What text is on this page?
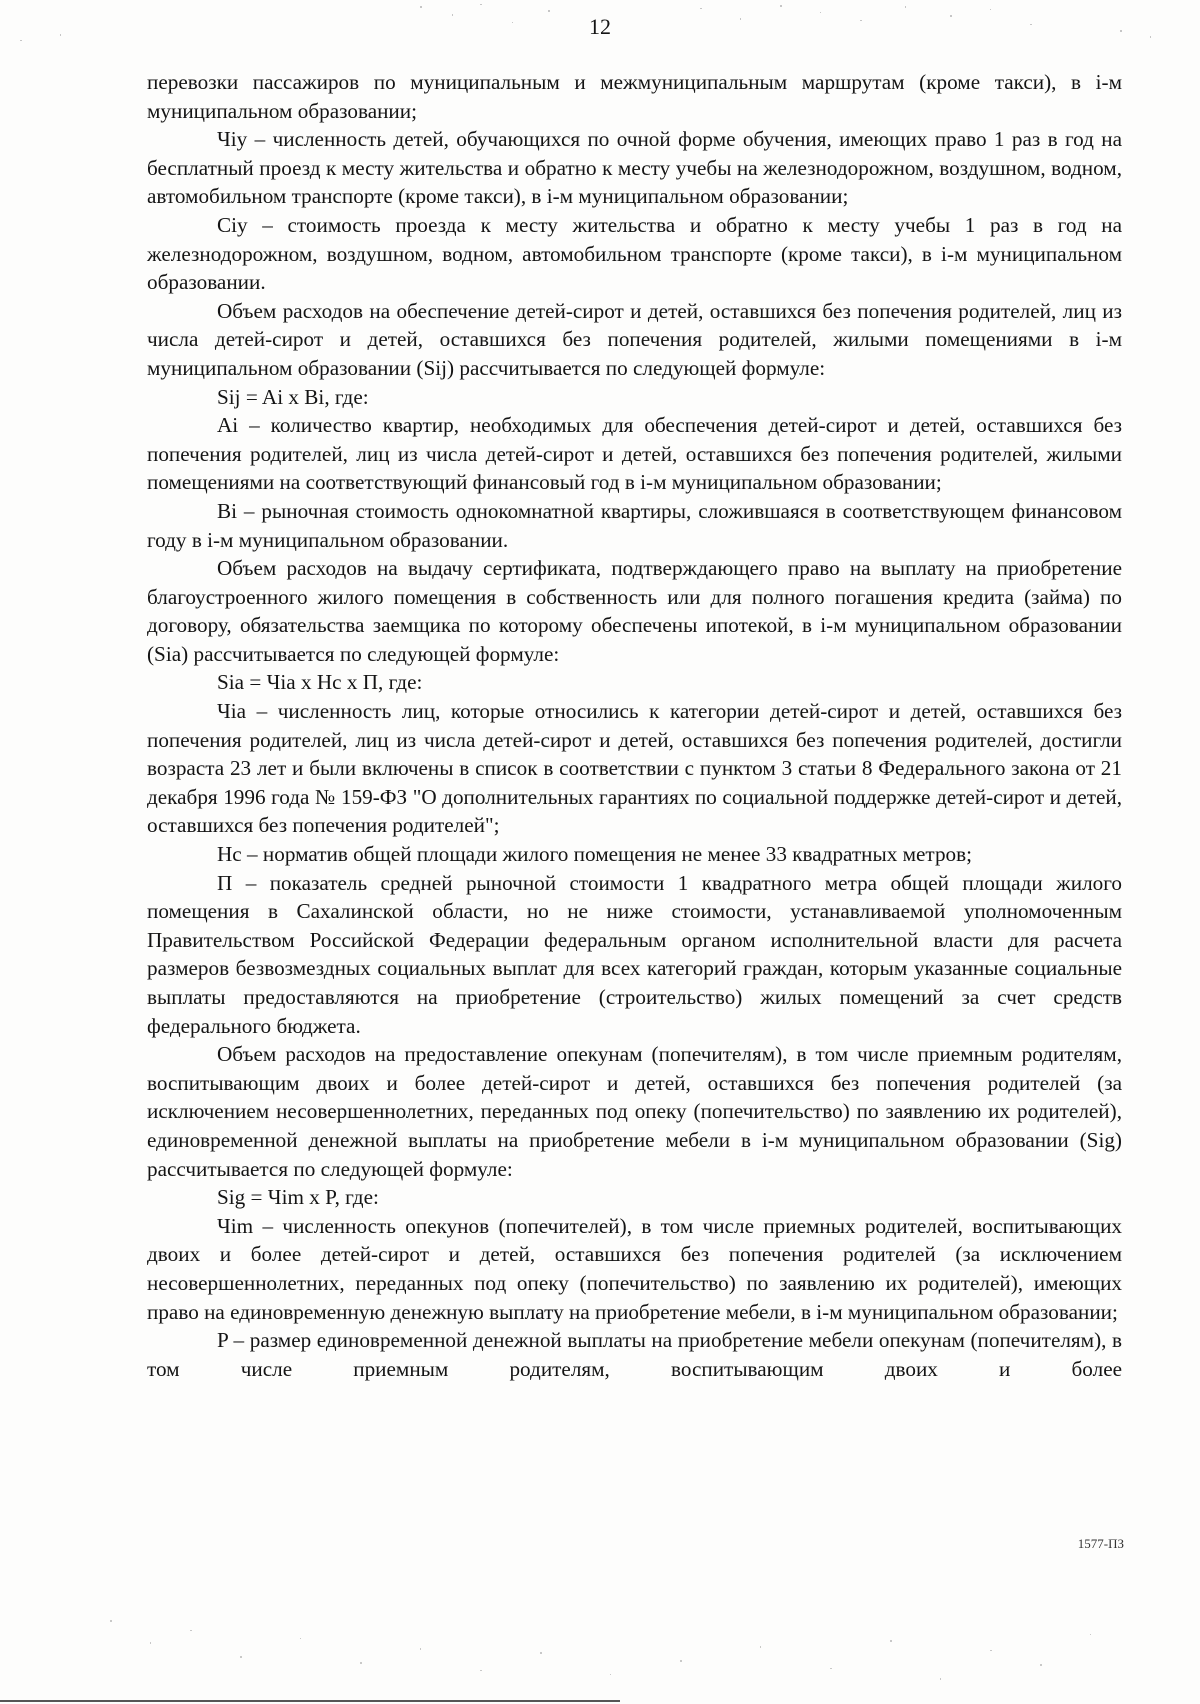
12

перевозки пассажиров по муниципальным и межмуниципальным маршрутам (кроме такси), в i-м муниципальном образовании;

Чiy – численность детей, обучающихся по очной форме обучения, имеющих право 1 раз в год на бесплатный проезд к месту жительства и обратно к месту учебы на железнодорожном, воздушном, водном, автомобильном транспорте (кроме такси), в i-м муниципальном образовании;

Сiy – стоимость проезда к месту жительства и обратно к месту учебы 1 раз в год на железнодорожном, воздушном, водном, автомобильном транспорте (кроме такси), в i-м муниципальном образовании.

Объем расходов на обеспечение детей-сирот и детей, оставшихся без попечения родителей, лиц из числа детей-сирот и детей, оставшихся без попечения родителей, жилыми помещениями в i-м муниципальном образовании (Sij) рассчитывается по следующей формуле:

Sij = Ai x Bi, где:

Ai – количество квартир, необходимых для обеспечения детей-сирот и детей, оставшихся без попечения родителей, лиц из числа детей-сирот и детей, оставшихся без попечения родителей, жилыми помещениями на соответствующий финансовый год в i-м муниципальном образовании;

Bi – рыночная стоимость однокомнатной квартиры, сложившаяся в соответствующем финансовом году в i-м муниципальном образовании.

Объем расходов на выдачу сертификата, подтверждающего право на выплату на приобретение благоустроенного жилого помещения в собственность или для полного погашения кредита (займа) по договору, обязательства заемщика по которому обеспечены ипотекой, в i-м муниципальном образовании (Sia) рассчитывается по следующей формуле:

Sia = Чia x Hc x П, где:

Чia – численность лиц, которые относились к категории детей-сирот и детей, оставшихся без попечения родителей, лиц из числа детей-сирот и детей, оставшихся без попечения родителей, достигли возраста 23 лет и были включены в список в соответствии с пунктом 3 статьи 8 Федерального закона от 21 декабря 1996 года № 159-ФЗ "О дополнительных гарантиях по социальной поддержке детей-сирот и детей, оставшихся без попечения родителей";

Hc – норматив общей площади жилого помещения не менее 33 квадратных метров;

П – показатель средней рыночной стоимости 1 квадратного метра общей площади жилого помещения в Сахалинской области, но не ниже стоимости, устанавливаемой уполномоченным Правительством Российской Федерации федеральным органом исполнительной власти для расчета размеров безвозмездных социальных выплат для всех категорий граждан, которым указанные социальные выплаты предоставляются на приобретение (строительство) жилых помещений за счет средств федерального бюджета.

Объем расходов на предоставление опекунам (попечителям), в том числе приемным родителям, воспитывающим двоих и более детей-сирот и детей, оставшихся без попечения родителей (за исключением несовершеннолетних, переданных под опеку (попечительство) по заявлению их родителей), единовременной денежной выплаты на приобретение мебели в i-м муниципальном образовании (Sig) рассчитывается по следующей формуле:

Sig = Чim x P, где:

Чim – численность опекунов (попечителей), в том числе приемных родителей, воспитывающих двоих и более детей-сирот и детей, оставшихся без попечения родителей (за исключением несовершеннолетних, переданных под опеку (попечительство) по заявлению их родителей), имеющих право на единовременную денежную выплату на приобретение мебели, в i-м муниципальном образовании;

P – размер единовременной денежной выплаты на приобретение мебели опекунам (попечителям), в том числе приемным родителям, воспитывающим двоих и более

1577-ПЗ
